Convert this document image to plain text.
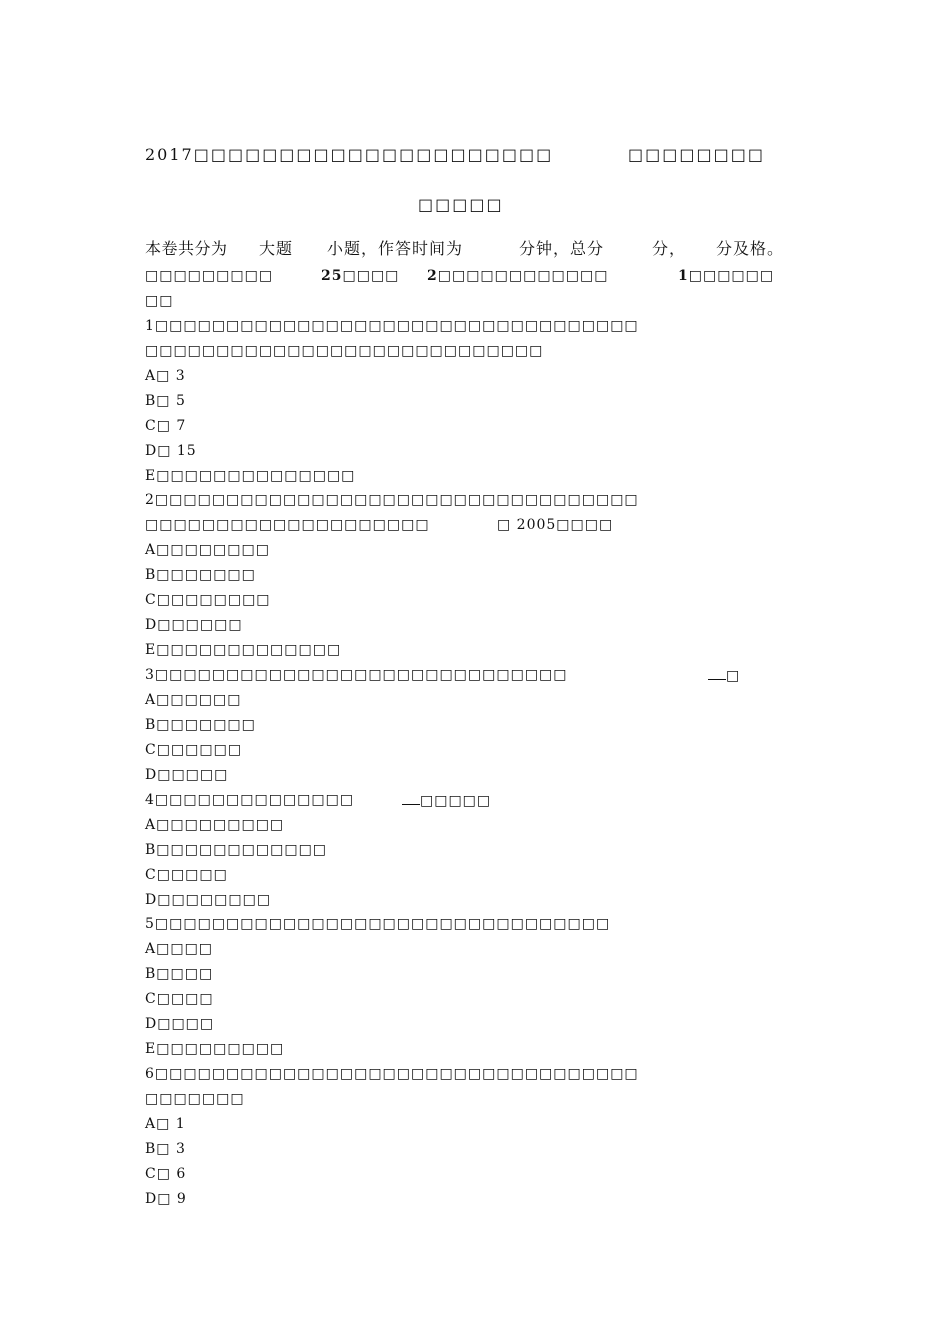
2017□□□□□□□□□□□□□□□□□□□□□	□□□□□□□□
□□□□□
本卷共分为 大题 小题，作答时间为	分钟，总分	分， 分及格。
□□□□□□□□□	25□□□□ 2□□□□□□□□□□□□	1□□□□□□
□□
1□□□□□□□□□□□□□□□□□□□□□□□□□□□□□□□□□□
□□□□□□□□□□□□□□□□□□□□□□□□□□□□
A□ 3
B□ 5
C□ 7
D□ 15
E□□□□□□□□□□□□□□
2□□□□□□□□□□□□□□□□□□□□□□□□□□□□□□□□□□
□□□□□□□□□□□□□□□□□□□□	□ 2005□□□□
A□□□□□□□□
B□□□□□□□
C□□□□□□□□
D□□□□□□
E□□□□□□□□□□□□□
3□□□□□□□□□□□□□□□□□□□□□□□□□□□□□	□
A□□□□□□
B□□□□□□□
C□□□□□□
D□□□□□
4□□□□□□□□□□□□□□	□□□□□
A□□□□□□□□□
B□□□□□□□□□□□□
C□□□□□
D□□□□□□□□
5□□□□□□□□□□□□□□□□□□□□□□□□□□□□□□□□
A□□□□
B□□□□
C□□□□
D□□□□
E□□□□□□□□□
6□□□□□□□□□□□□□□□□□□□□□□□□□□□□□□□□□□
□□□□□□□
A□ 1
B□ 3
C□ 6
D□ 9
